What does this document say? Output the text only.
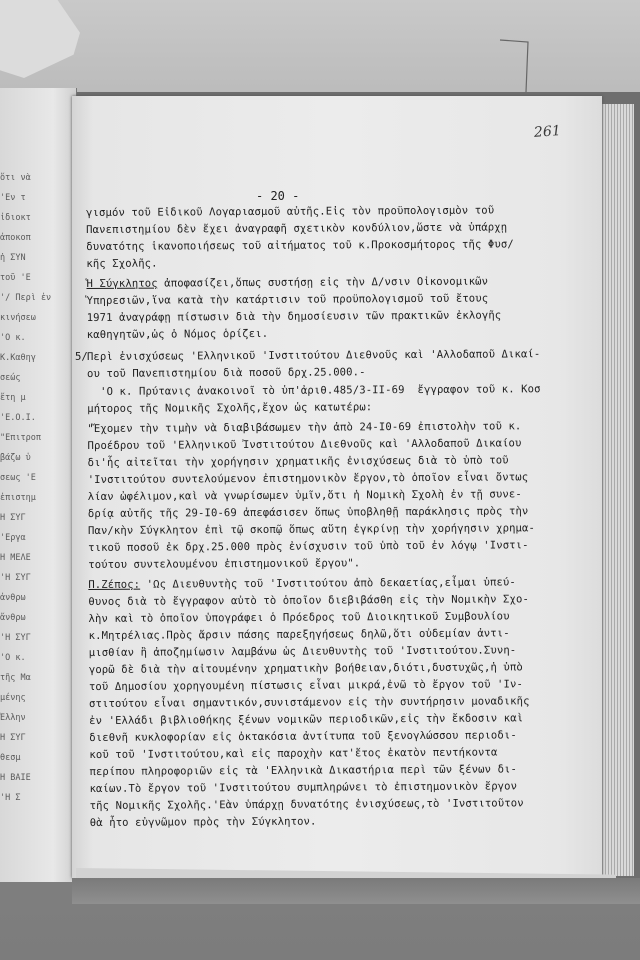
ὅτι νὰ
'Εν τ
ἰδιοκτ
ἀποκοπ
ἡ ΣΥΝ
τοῦ 'Ε
'/ Περὶ ἐν
κινήσεω
'Ο κ.
Κ.Καθηγ
σεώς
ἔτη μ
'Ε.Ο.Ι.
"Επιτροπ
βάζω ὑ
σεως 'Ε
ἐπιστημ
Η ΣΥΓ
'Εργα
Η ΜΕΛΕ
'Η ΣΥΓ
ἀνθρω
ἄνθρω
'Η ΣΥΓ
'Ο κ.
τῆς Μα
μένης
Ἑλλην
Η ΣΥΓ
θεσμ
Η ΒΑΙΕ
'Η Σ
261
- 20 -
5/
γισμόν τοῦ Εἰδικοῦ Λογαριασμοῦ αὐτῆς.Εἰς τὸν προϋπολογισμὸν τοῦ
Πανεπιστημίου δὲν ἔχει ἀναγραφῆ σχετικὸν κονδύλιον,ὥστε νὰ ὑπάρχῃ
δυνατότης ἱκανοποιήσεως τοῦ αἰτήματος τοῦ κ.Προκοσμήτορος τῆς Φυσ/
κῆς Σχολῆς.
Ἡ Σύγκλητος ἀποφασίζει,ὅπως συστήσῃ εἰς τὴν Δ/νσιν Οἰκονομικῶν
Ὑπηρεσιῶν,ἵνα κατὰ τὴν κατάρτισιν τοῦ προϋπολογισμοῦ τοῦ ἔτους
1971 ἀναγράφῃ πίστωσιν διὰ τὴν δημοσίευσιν τῶν πρακτικῶν ἐκλογῆς
καθηγητῶν,ὡς ὁ Νόμος ὁρίζει.
Περὶ ἐνισχύσεως 'Ελληνικοῦ 'Ινστιτούτου Διεθνοῦς καὶ 'Αλλοδαποῦ Δικαί-
ου τοῦ Πανεπιστημίου διὰ ποσοῦ δρχ.25.000.-
'Ο κ. Πρύτανις ἀνακοινοῖ τὸ ὑπ'ἀριθ.485/3-ΙΙ-69  ἔγγραφον τοῦ κ. Κοσ
μήτορος τῆς Νομικῆς Σχολῆς,ἔχον ὡς κατωτέρω:
"Ἔχομεν τὴν τιμὴν νὰ διαβιβάσωμεν τὴν ἀπὸ 24-Ι0-69 ἐπιστολὴν τοῦ κ.
Προέδρου τοῦ 'Ελληνικοῦ Ἰνστιτούτου Διεθνοῦς καὶ 'Αλλοδαποῦ Δικαίου
δι'ἧς αἰτεῖται τὴν χορήγησιν χρηματικῆς ἐνισχύσεως διὰ τὸ ὑπὸ τοῦ
'Ινστιτούτου συντελούμενον ἐπιστημονικὸν ἔργον,τὸ ὁποῖον εἶναι ὄντως
λίαν ὠφέλιμον,καὶ νὰ γνωρίσωμεν ὑμῖν,ὅτι ἡ Νομικὴ Σχολὴ ἐν τῇ συνε-
δρίᾳ αὐτῆς τῆς 29-Ι0-69 ἀπεφάσισεν ὅπως ὑποβληθῇ παράκλησις πρὸς τὴν
Παν/κὴν Σύγκλητον ἐπὶ τῷ σκοπῷ ὅπως αὕτη ἐγκρίνῃ τὴν χορήγησιν χρημα-
τικοῦ ποσοῦ ἐκ δρχ.25.000 πρὸς ἐνίσχυσιν τοῦ ὑπὸ τοῦ ἐν λόγῳ 'Ινστι-
τούτου συντελουμένου ἐπιστημονικοῦ ἔργου".
Π.Ζέπος: 'Ως Διευθυντὴς τοῦ 'Ινστιτούτου ἀπὸ δεκαετίας,εἶμαι ὑπεύ-
θυνος διὰ τὸ ἔγγραφον αὐτὸ τὸ ὁποῖον διεβιβάσθη εἰς τὴν Νομικὴν Σχο-
λὴν καὶ τὸ ὁποῖον ὑπογράφει ὁ Πρόεδρος τοῦ Διοικητικοῦ Συμβουλίου
κ.Μητρέλιας.Πρὸς ἄρσιν πάσης παρεξηγήσεως δηλῶ,ὅτι οὐδεμίαν ἀντι-
μισθίαν ἢ ἀποζημίωσιν λαμβάνω ὡς Διευθυντὴς τοῦ 'Ινστιτούτου.Συνη-
γορῶ δὲ διὰ τὴν αἰτουμένην χρηματικὴν βοήθειαν,διότι,δυστυχῶς,ἡ ὑπὸ
τοῦ Δημοσίου χορηγουμένη πίστωσις εἶναι μικρά,ἐνῶ τὸ ἔργον τοῦ 'Ιν-
στιτούτου εἶναι σημαντικόν,συνιστάμενον εἰς τὴν συντήρησιν μοναδικῆς
ἐν 'Ελλάδι βιβλιοθήκης ξένων νομικῶν περιοδικῶν,εἰς τὴν ἔκδοσιν καὶ
διεθνῆ κυκλοφορίαν εἰς ὀκτακόσια ἀντίτυπα τοῦ ξενογλώσσου περιοδι-
κοῦ τοῦ 'Ινστιτούτου,καὶ εἰς παροχὴν κατ'ἔτος ἑκατὸν πεντήκοντα
περίπου πληροφοριῶν εἰς τὰ 'Ελληνικὰ Δικαστήρια περὶ τῶν ξένων δι-
καίων.Τὸ ἔργον τοῦ 'Ινστιτούτου συμπληρώνει τὸ ἐπιστημονικὸν ἔργον
τῆς Νομικῆς Σχολῆς.'Εὰν ὑπάρχῃ δυνατότης ἐνισχύσεως,τὸ 'Ινστιτοῦτον
θὰ ἦτο εὐγνῶμον πρὸς τὴν Σύγκλητον.
